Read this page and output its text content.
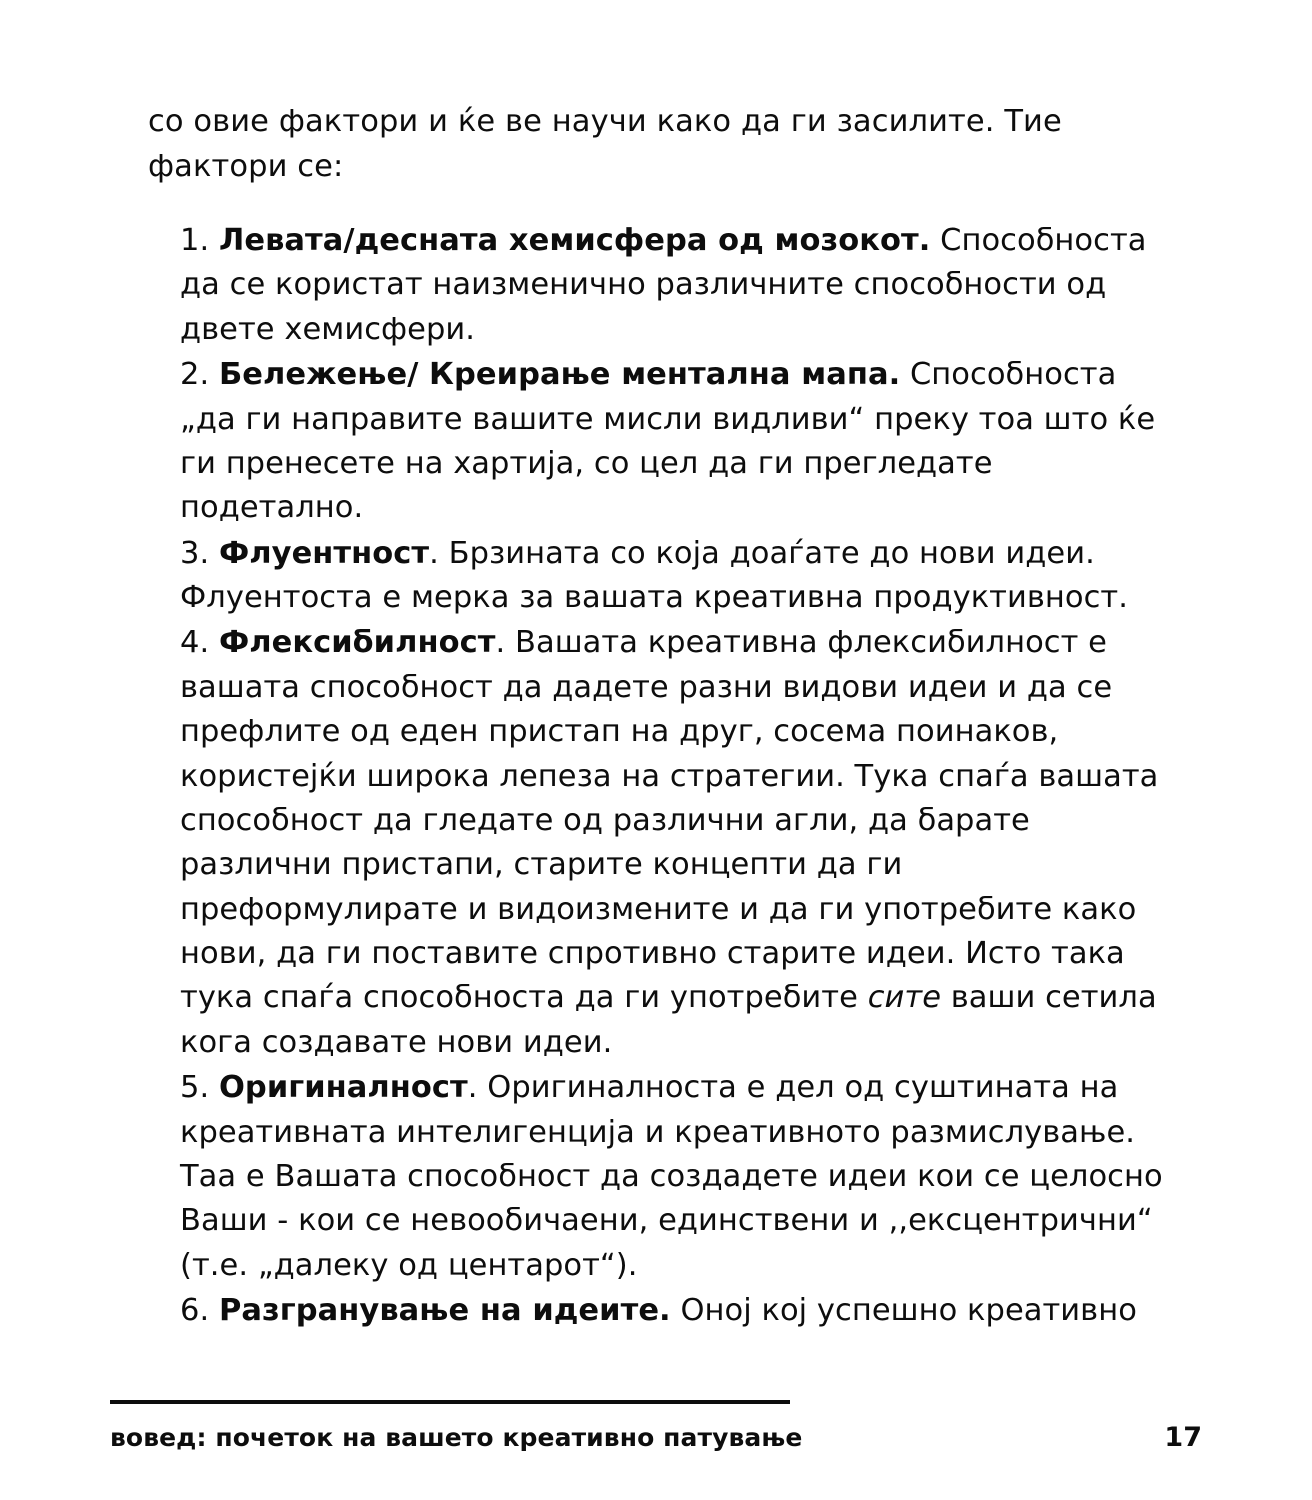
со овие фактори и ќе ве научи како да ги засилите. Тие фактори се:

1. Левата/десната хемисфера од мозокот. Способноста да се користат наизменично различните способности од двете хемисфери.
2. Бележење/ Креирање ментална мапа. Способноста „да ги направите вашите мисли видливи“ преку тоа што ќе ги пренесете на хартија, со цел да ги прегледате подетално.
3. Флуентност. Брзината со која доаѓате до нови идеи. Флуентоста е мерка за вашата креативна продуктивност.
4. Флексибилност. Вашата креативна флексибилност е вашата способност да дадете разни видови идеи и да се префлите од еден пристап на друг, сосема поинаков, користејќи широка лепеза на стратегии. Тука спаѓа вашата способност да гледате од различни агли, да барате различни пристапи, старите концепти да ги преформулирате и видоизмените и да ги употребите како нови, да ги поставите спротивно старите идеи. Исто така тука спаѓа способноста да ги употребите сите ваши сетила кога создавате нови идеи.
5. Оригиналност. Оригиналноста е дел од суштината на креативната интелигенција и креативното размислување. Таа е Вашата способност да создадете идеи кои се целосно Ваши - кои се невообичаени, единствени и ,,ексцентрични“ (т.е. „далеку од центарот“).
6. Разгранување на идеите. Оној кој успешно креативно
вовед: почеток на вашето креативно патување	17
